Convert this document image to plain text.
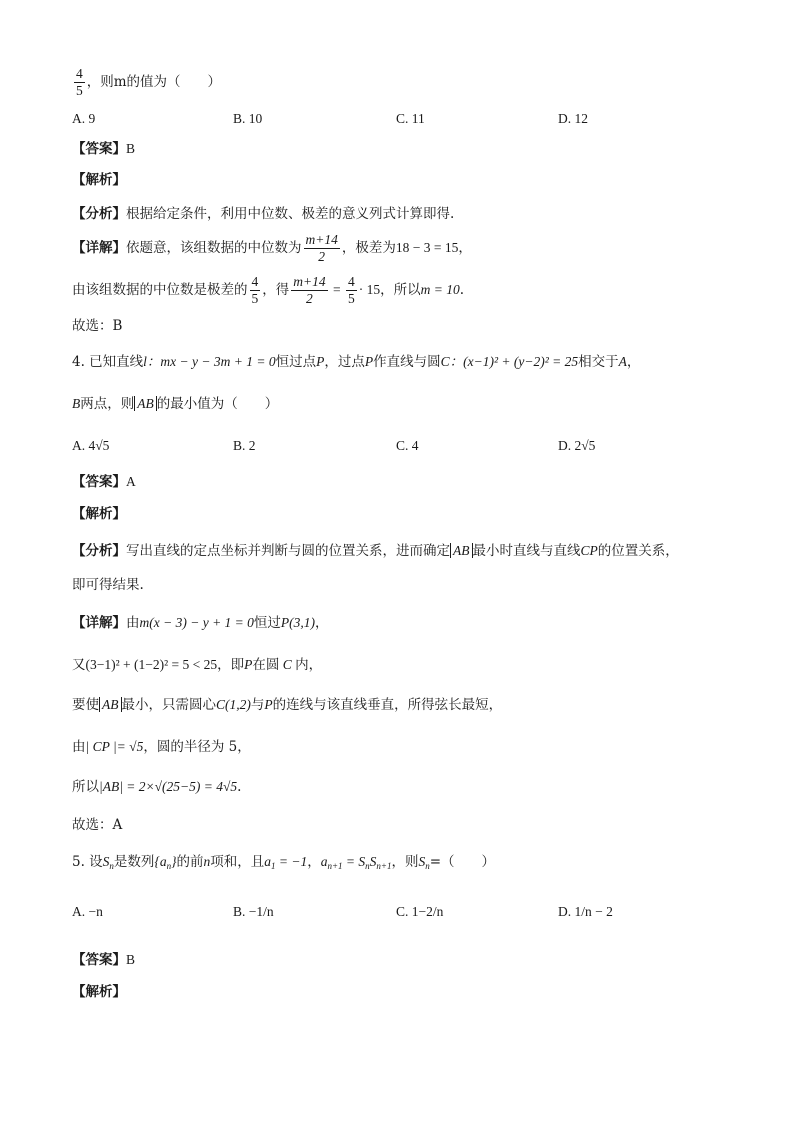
$\frac{4}{5}$ ，则m的值为（　　）
A. 9	B. 10	C. 11	D. 12
【答案】B
【解析】
【分析】根据给定条件，利用中位数、极差的意义列式计算即得.
【详解】依题意，该组数据的中位数为 $\frac{m+14}{2}$ ，极差为18 − 3 = 15，
由该组数据的中位数是极差的 $\frac{4}{5}$ ，得 $\frac{m+14}{2} = \frac{4}{5} \cdot 15$，所以m = 10.
故选：B
4. 已知直线l：mx − y − 3m + 1 = 0恒过点P，过点P作直线与圆C：(x−1)² + (y−2)² = 25相交于A，
B两点，则 AB 的最小值为（　　）
A. 4√5	B. 2	C. 4	D. 2√5
【答案】A
【解析】
【分析】写出直线的定点坐标并判断与圆的位置关系，进而确定 AB 最小时直线与直线CP的位置关系，
即可得结果.
【详解】由m(x − 3) − y + 1 = 0恒过P(3,1)，
又(3−1)² + (1−2)² = 5 < 25，即P在圆 C 内，
要使 AB 最小，只需圆心C(1,2)与P的连线与该直线垂直，所得弦长最短，
由| CP |= √5，圆的半径为 5，
所以|AB| = 2×√(25−5) = 4√5.
故选：A
5. 设$S_n$是数列$\{a_n\}$的前n项和，且$a_1 = -1$，$a_{n+1} = S_nS_{n+1}$，则$S_n=$（　　）
A. −n	B. −1/n	C. 1−2/n	D. 1/n − 2
【答案】B
【解析】
